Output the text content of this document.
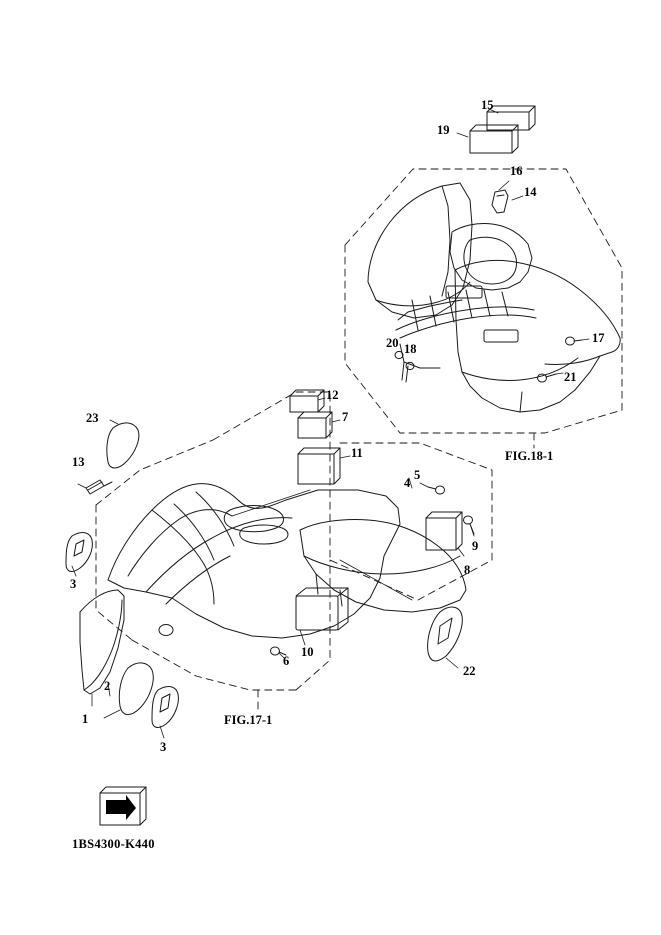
15
19
16
14
17
21
20 18
12
7
11
23
13
3
2
1
3
6
10
5
4
9
8
22
FIG.18-1
FIG.17-1
FWD
1BS4300-K440
